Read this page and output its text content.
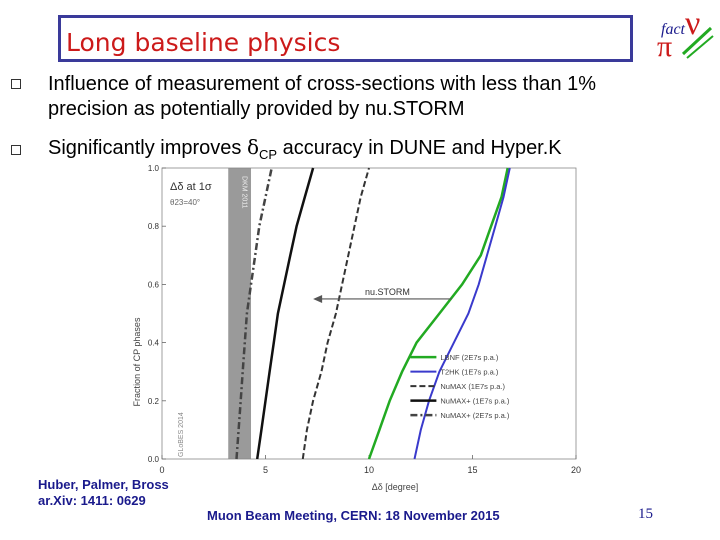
Long baseline physics	fact ν
π
Influence of measurement of cross-sections with less than 1%
precision as potentially provided by nu.STORM
Significantly improves $\delta_{CP}$ accuracy in DUNE and Hyper.K
Fraction of CP phases
Δδ [degree]
GLoBES 2014
Δδ at 1σ
θ23=40°
nu.STORM
DKM 2011
0	5	10	15	20
0.0
0.2
0.4
0.6
0.8
1.0
LBNF (2E7s p.a.)
T2HK (1E7s p.a.)
NuMAX (1E7s p.a.)
NuMAX+ (1E7s p.a.)
NuMAX+ (2E7s p.a.)
Huber, Palmer, Bross
ar.Xiv: 1411: 0629
Muon Beam Meeting, CERN: 18 November 2015	15
